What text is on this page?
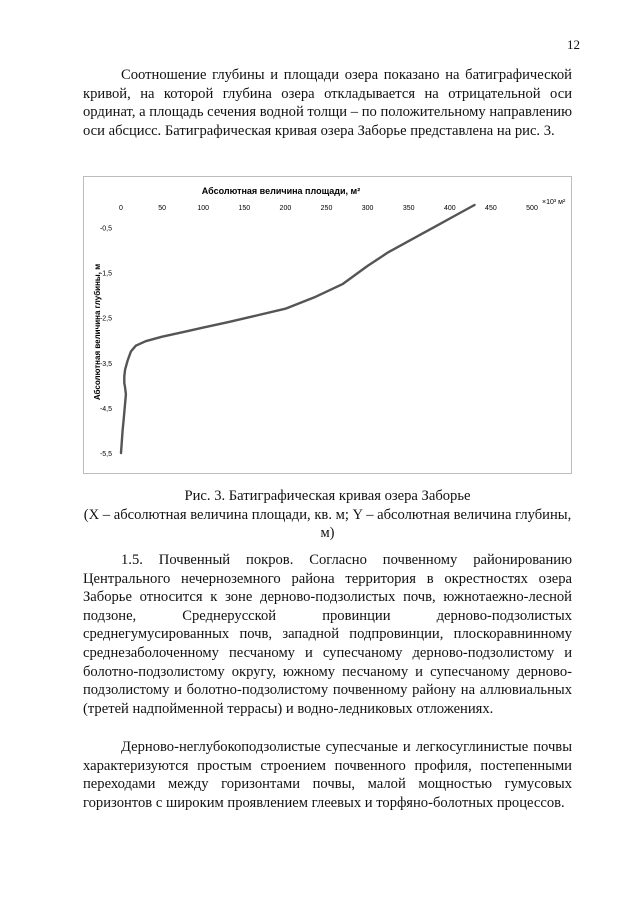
12

Соотношение глубины и площади озера показано на батиграфической кривой, на которой глубина озера откладывается на отрицательной оси ординат, а площадь сечения водной толщи – по положительному направлению оси абсцисс. Батиграфическая кривая озера Заборье представлена на рис. 3.

Абсолютная величина площади, м²
×10³ м²
0	50	100	150	200	250	300	350	400	450	500
-0,5
-1,5
-2,5
-3,5
-4,5
-5,5
Абсолютная величина глубины, м
Рис. 3. Батиграфическая кривая озера Заборье
(X – абсолютная величина площади, кв. м; Y – абсолютная величина глубины, м)

1.5. Почвенный покров. Согласно почвенному районированию Центрального нечерноземного района территория в окрестностях озера Заборье относится к зоне дерново-подзолистых почв, южнотаежно-лесной подзоне, Среднерусской провинции дерново-подзолистых среднегумусированных почв, западной подпровинции, плоскоравнинному среднезаболоченному песчаному и супесчаному дерново-подзолистому и болотно-подзолистому округу, южному песчаному и супесчаному дерново-подзолистому и болотно-подзолистому почвенному району на аллювиальных (третей надпойменной террасы) и водно-ледниковых отложениях.

Дерново-неглубокоподзолистые супесчаные и легкосуглинистые почвы характеризуются простым строением почвенного профиля, постепенными переходами между горизонтами почвы, малой мощностью гумусовых горизонтов с широким проявлением глеевых и торфяно-болотных процессов.
